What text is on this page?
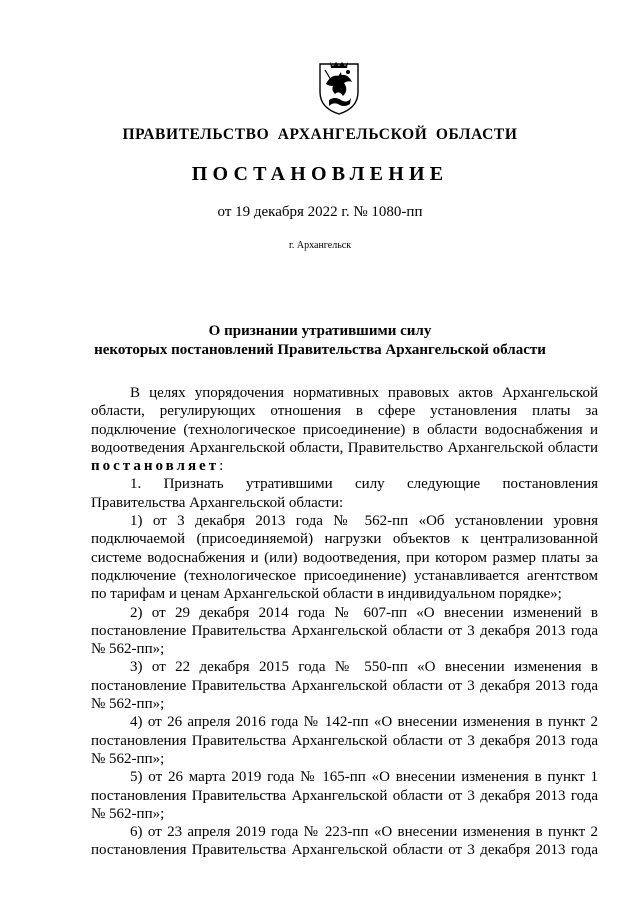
ПРАВИТЕЛЬСТВО АРХАНГЕЛЬСКОЙ ОБЛАСТИ
ПОСТАНОВЛЕНИЕ
от 19 декабря 2022 г. № 1080-пп
г. Архангельск
О признании утратившими силу
некоторых постановлений Правительства Архангельской области

В целях упорядочения нормативных правовых актов Архангельской области, регулирующих отношения в сфере установления платы за подключение (технологическое присоединение) в области водоснабжения и водоотведения Архангельской области, Правительство Архангельской области постановляет:

1. Признать утратившими силу следующие постановления Правительства Архангельской области:

1) от 3 декабря 2013 года № 562-пп «Об установлении уровня подключаемой (присоединяемой) нагрузки объектов к централизованной системе водоснабжения и (или) водоотведения, при котором размер платы за подключение (технологическое присоединение) устанавливается агентством по тарифам и ценам Архангельской области в индивидуальном порядке»;

2) от 29 декабря 2014 года № 607-пп «О внесении изменений в постановление Правительства Архангельской области от 3 декабря 2013 года № 562-пп»;

3) от 22 декабря 2015 года № 550-пп «О внесении изменения в постановление Правительства Архангельской области от 3 декабря 2013 года № 562-пп»;

4) от 26 апреля 2016 года № 142-пп «О внесении изменения в пункт 2 постановления Правительства Архангельской области от 3 декабря 2013 года № 562-пп»;

5) от 26 марта 2019 года № 165-пп «О внесении изменения в пункт 1 постановления Правительства Архангельской области от 3 декабря 2013 года № 562-пп»;

6) от 23 апреля 2019 года № 223-пп «О внесении изменения в пункт 2 постановления Правительства Архангельской области от 3 декабря 2013 года
